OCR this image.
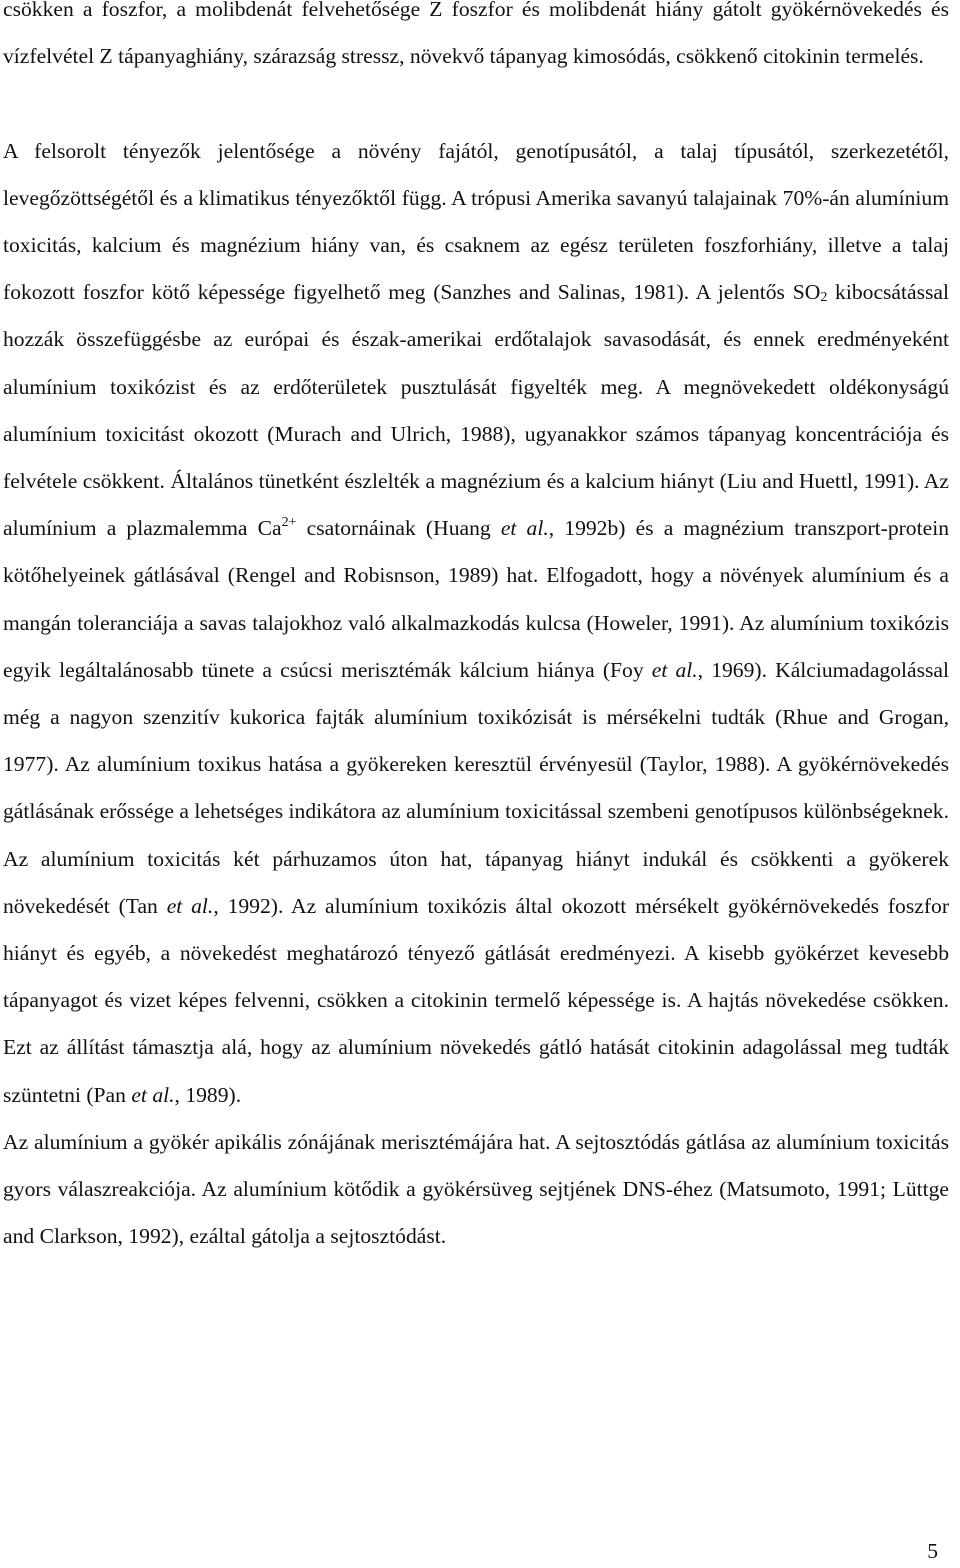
csökken a foszfor, a molibdenát felvehetősége Z foszfor és molibdenát hiány gátolt gyökérnövekedés és vízfelvétel Z tápanyaghiány, szárazság stressz, növekvő tápanyag kimosódás, csökkenő citokinin termelés.

A felsorolt tényezők jelentősége a növény fajától, genotípusától, a talaj típusától, szerkezetétől, levegőzöttségétől és a klimatikus tényezőktől függ. A trópusi Amerika savanyú talajainak 70%-án alumínium toxicitás, kalcium és magnézium hiány van, és csaknem az egész területen foszforhiány, illetve a talaj fokozott foszfor kötő képessége figyelhető meg (Sanzhes and Salinas, 1981). A jelentős $SO_2$ kibocsátással hozzák összefüggésbe az európai és észak-amerikai erdőtalajok savasodását, és ennek eredményeként alumínium toxikózist és az erdőterületek pusztulását figyelték meg. A megnövekedett oldékonyságú alumínium toxicitást okozott (Murach and Ulrich, 1988), ugyanakkor számos tápanyag koncentrációja és felvétele csökkent. Általános tünetként észlelték a magnézium és a kalcium hiányt (Liu and Huettl, 1991). Az alumínium a plazmalemma $Ca^{2+}$ csatornáinak (Huang et al., 1992b) és a magnézium transzport-protein kötőhelyeinek gátlásával (Rengel and Robisnson, 1989) hat. Elfogadott, hogy a növények alumínium és a mangán toleranciája a savas talajokhoz való alkalmazkodás kulcsa (Howeler, 1991). Az alumínium toxikózis egyik legáltalánosabb tünete a csúcsi merisztémák kálcium hiánya (Foy et al., 1969). Kálciumadagolással még a nagyon szenzitív kukorica fajták alumínium toxikózisát is mérsékelni tudták (Rhue and Grogan, 1977). Az alumínium toxikus hatása a gyökereken keresztül érvényesül (Taylor, 1988). A gyökérnövekedés gátlásának erőssége a lehetséges indikátora az alumínium toxicitással szembeni genotípusos különbségeknek. Az alumínium toxicitás két párhuzamos úton hat, tápanyag hiányt indukál és csökkenti a gyökerek növekedését (Tan et al., 1992). Az alumínium toxikózis által okozott mérsékelt gyökérnövekedés foszfor hiányt és egyéb, a növekedést meghatározó tényező gátlását eredményezi. A kisebb gyökérzet kevesebb tápanyagot és vizet képes felvenni, csökken a citokinin termelő képessége is. A hajtás növekedése csökken. Ezt az állítást támasztja alá, hogy az alumínium növekedés gátló hatását citokinin adagolással meg tudták szüntetni (Pan et al., 1989).

Az alumínium a gyökér apikális zónájának merisztémájára hat. A sejtosztódás gátlása az alumínium toxicitás gyors válaszreakciója. Az alumínium kötődik a gyökérsüveg sejtjének DNS-éhez (Matsumoto, 1991; Lüttge and Clarkson, 1992), ezáltal gátolja a sejtosztódást.

5
